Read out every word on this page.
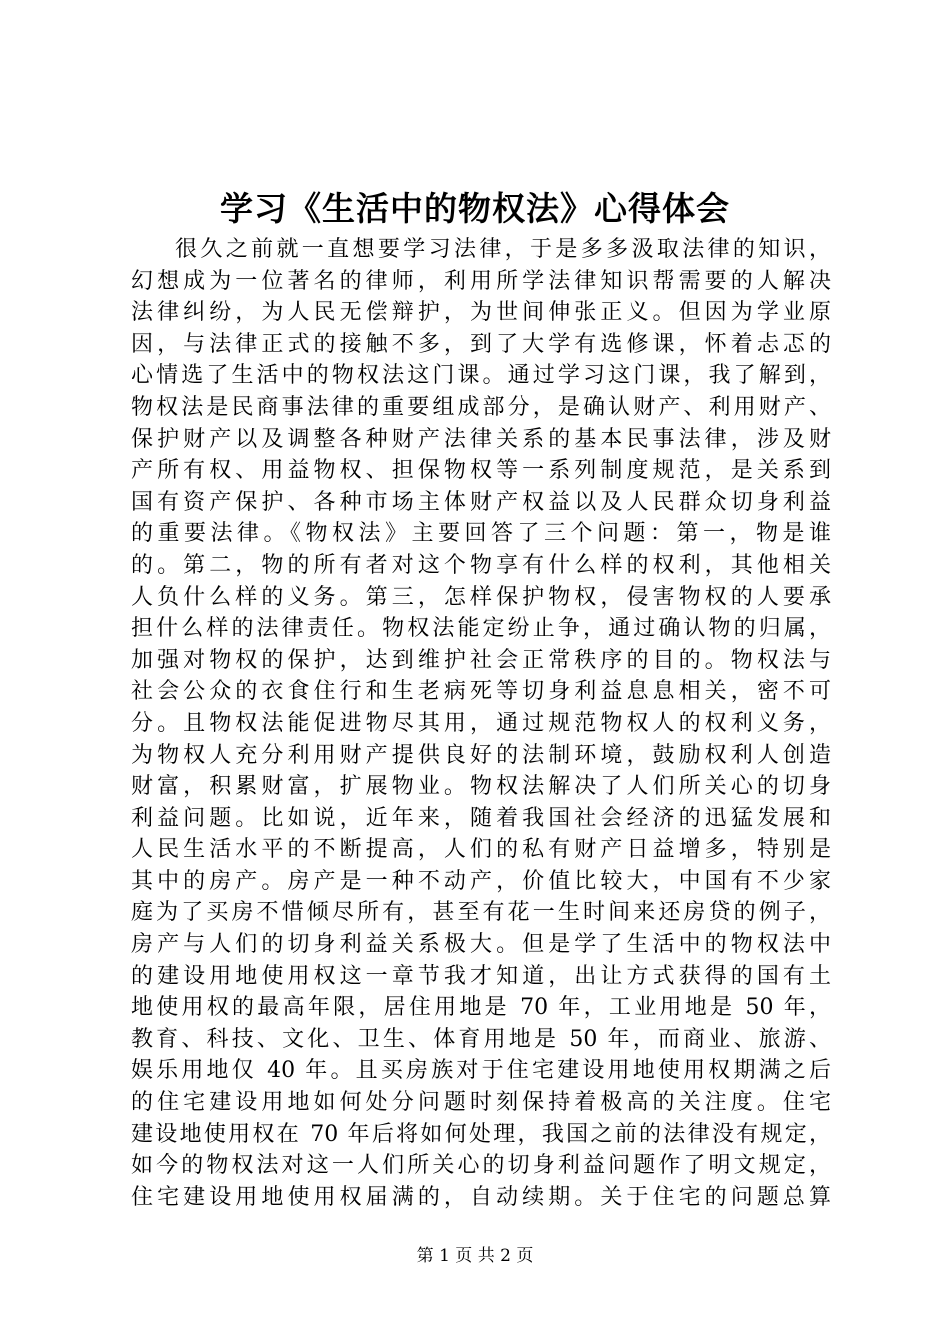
学习《生活中的物权法》心得体会
很久之前就一直想要学习法律，于是多多汲取法律的知识，
幻想成为一位著名的律师，利用所学法律知识帮需要的人解决
法律纠纷，为人民无偿辩护，为世间伸张正义。但因为学业原
因，与法律正式的接触不多，到了大学有选修课，怀着忐忑的
心情选了生活中的物权法这门课。通过学习这门课，我了解到，
物权法是民商事法律的重要组成部分，是确认财产、利用财产、
保护财产以及调整各种财产法律关系的基本民事法律，涉及财
产所有权、用益物权、担保物权等一系列制度规范，是关系到
国有资产保护、各种市场主体财产权益以及人民群众切身利益
的重要法律。《物权法》主要回答了三个问题：第一，物是谁
的。第二，物的所有者对这个物享有什么样的权利，其他相关
人负什么样的义务。第三，怎样保护物权，侵害物权的人要承
担什么样的法律责任。物权法能定纷止争，通过确认物的归属，
加强对物权的保护，达到维护社会正常秩序的目的。物权法与
社会公众的衣食住行和生老病死等切身利益息息相关，密不可
分。且物权法能促进物尽其用，通过规范物权人的权利义务，
为物权人充分利用财产提供良好的法制环境，鼓励权利人创造
财富，积累财富，扩展物业。物权法解决了人们所关心的切身
利益问题。比如说，近年来，随着我国社会经济的迅猛发展和
人民生活水平的不断提高，人们的私有财产日益增多，特别是
其中的房产。房产是一种不动产，价值比较大，中国有不少家
庭为了买房不惜倾尽所有，甚至有花一生时间来还房贷的例子，
房产与人们的切身利益关系极大。但是学了生活中的物权法中
的建设用地使用权这一章节我才知道，出让方式获得的国有土
地使用权的最高年限，居住用地是 70 年，工业用地是 50 年，
教育、科技、文化、卫生、体育用地是 50 年，而商业、旅游、
娱乐用地仅 40 年。且买房族对于住宅建设用地使用权期满之后
的住宅建设用地如何处分问题时刻保持着极高的关注度。住宅
建设地使用权在 70 年后将如何处理，我国之前的法律没有规定，
如今的物权法对这一人们所关心的切身利益问题作了明文规定，
住宅建设用地使用权届满的，自动续期。关于住宅的问题总算
第 1 页 共 2 页
